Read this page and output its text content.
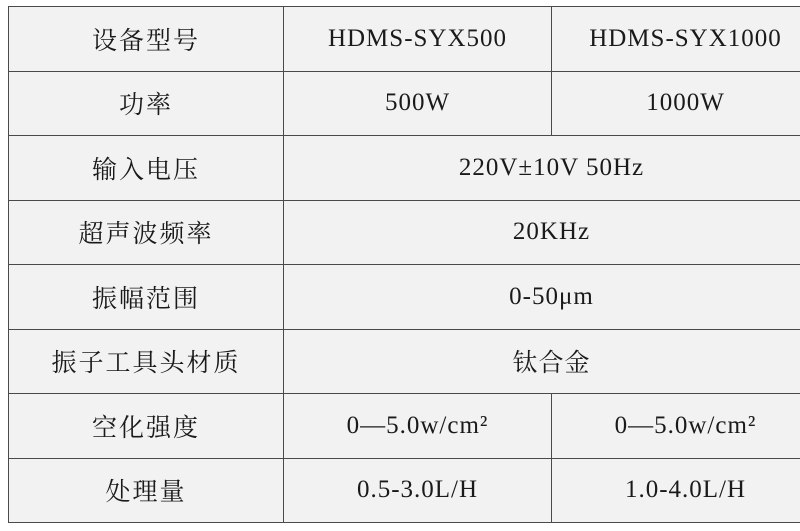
设备型号	HDMS-SYX500	HDMS-SYX1000
功率	500W	1000W
输入电压	220V±10V 50Hz	
超声波频率	20KHz	
振幅范围	0-50μm	
振子工具头材质	钛合金	
空化强度	0—5.0w/cm²	0—5.0w/cm²
处理量	0.5-3.0L/H	1.0-4.0L/H
